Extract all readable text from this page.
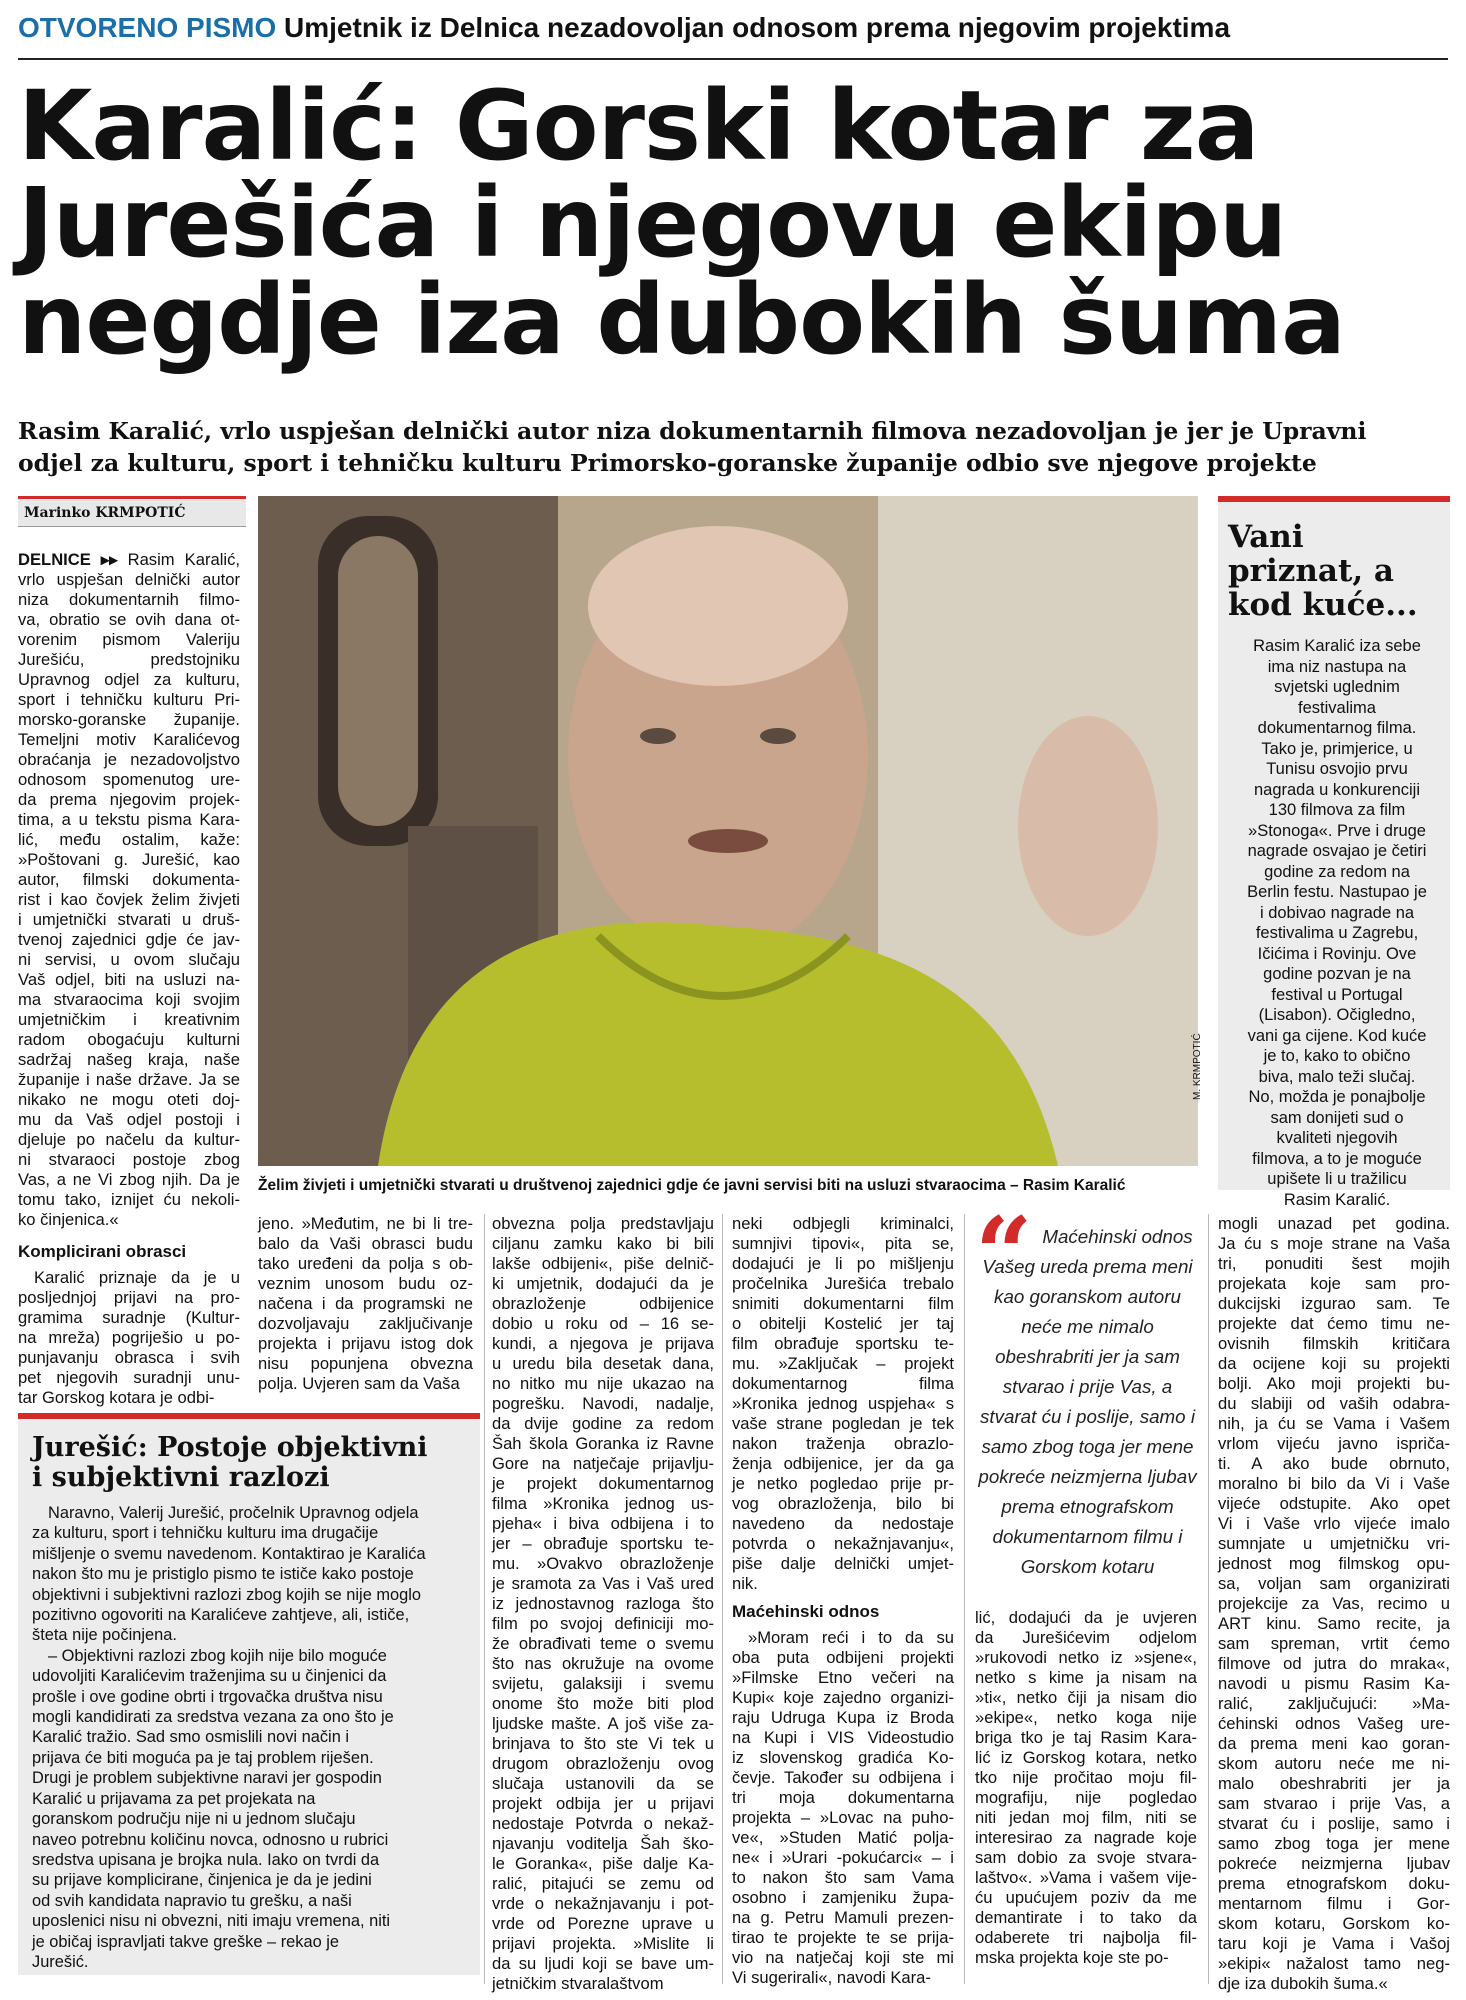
OTVORENO PISMO Umjetnik iz Delnica nezadovoljan odnosom prema njegovim projektima
Karalić: Gorski kotar za
Jurešića i njegovu ekipu
negdje iza dubokih šuma
Rasim Karalić, vrlo uspješan delnički autor niza dokumentarnih filmova nezadovoljan je jer je Upravni
odjel za kulturu, sport i tehničku kulturu Primorsko-goranske županije odbio sve njegove projekte
Marinko KRMPOTIĆ
DELNICE ▸▸ Rasim Karalić,
vrlo uspješan delnički autor
niza dokumentarnih filmo-
va, obratio se ovih dana ot-
vorenim pismom Valeriju
Jurešiću, predstojniku
Upravnog odjel za kulturu,
sport i tehničku kulturu Pri-
morsko-goranske županije.
Temeljni motiv Karalićevog
obraćanja je nezadovoljstvo
odnosom spomenutog ure-
da prema njegovim projek-
tima, a u tekstu pisma Kara-
lić, među ostalim, kaže:
»Poštovani g. Jurešić, kao
autor, filmski dokumenta-
rist i kao čovjek želim živjeti
i umjetnički stvarati u druš-
tvenoj zajednici gdje će jav-
ni servisi, u ovom slučaju
Vaš odjel, biti na usluzi na-
ma stvaraocima koji svojim
umjetničkim i kreativnim
radom obogaćuju kulturni
sadržaj našeg kraja, naše
županije i naše države. Ja se
nikako ne mogu oteti doj-
mu da Vaš odjel postoji i
djeluje po načelu da kultur-
ni stvaraoci postoje zbog
Vas, a ne Vi zbog njih. Da je
tomu tako, iznijet ću nekoli-
ko činjenica.«
Komplicirani obrasci
Karalić priznaje da je u
posljednjoj prijavi na pro-
gramima suradnje (Kultur-
na mreža) pogriješio u po-
punjavanju obrasca i svih
pet njegovih suradnji unu-
tar Gorskog kotara je odbi-
M. KRMPOTIĆ
Želim živjeti i umjetnički stvarati u društvenoj zajednici gdje će javni servisi biti na usluzi stvaraocima – Rasim Karalić
Vani
priznat, a
kod kuće...
Rasim Karalić iza sebe
ima niz nastupa na
svjetski uglednim
festivalima
dokumentarnog filma.
Tako je, primjerice, u
Tunisu osvojio prvu
nagrada u konkurenciji
130 filmova za film
»Stonoga«. Prve i druge
nagrade osvajao je četiri
godine za redom na
Berlin festu. Nastupao je
i dobivao nagrade na
festivalima u Zagrebu,
Ičićima i Rovinju. Ove
godine pozvan je na
festival u Portugal
(Lisabon). Očigledno,
vani ga cijene. Kod kuće
je to, kako to obično
biva, malo teži slučaj.
No, možda je ponajbolje
sam donijeti sud o
kvaliteti njegovih
filmova, a to je moguće
upišete li u tražilicu
Rasim Karalić.
jeno. »Međutim, ne bi li tre-
balo da Vaši obrasci budu
tako uređeni da polja s ob-
veznim unosom budu oz-
načena i da programski ne
dozvoljavaju zaključivanje
projekta i prijavu istog dok
nisu popunjena obvezna
polja. Uvjeren sam da Vaša
Jurešić: Postoje objektivni
i subjektivni razlozi
Naravno, Valerij Jurešić, pročelnik Upravnog odjela
za kulturu, sport i tehničku kulturu ima drugačije
mišljenje o svemu navedenom. Kontaktirao je Karalića
nakon što mu je pristiglo pismo te ističe kako postoje
objektivni i subjektivni razlozi zbog kojih se nije moglo
pozitivno ogovoriti na Karalićeve zahtjeve, ali, ističe,
šteta nije počinjena.
– Objektivni razlozi zbog kojih nije bilo moguće
udovoljiti Karalićevim traženjima su u činjenici da
prošle i ove godine obrti i trgovačka društva nisu
mogli kandidirati za sredstva vezana za ono što je
Karalić tražio. Sad smo osmislili novi način i
prijava će biti moguća pa je taj problem riješen.
Drugi je problem subjektivne naravi jer gospodin
Karalić u prijavama za pet projekata na
goranskom području nije ni u jednom slučaju
naveo potrebnu količinu novca, odnosno u rubrici
sredstva upisana je brojka nula. Iako on tvrdi da
su prijave komplicirane, činjenica je da je jedini
od svih kandidata napravio tu grešku, a naši
uposlenici nisu ni obvezni, niti imaju vremena, niti
je običaj ispravljati takve greške – rekao je
Jurešić.
obvezna polja predstavljaju
ciljanu zamku kako bi bili
lakše odbijeni«, piše delnič-
ki umjetnik, dodajući da je
obrazloženje odbijenice
dobio u roku od – 16 se-
kundi, a njegova je prijava
u uredu bila desetak dana,
no nitko mu nije ukazao na
pogrešku. Navodi, nadalje,
da dvije godine za redom
Šah škola Goranka iz Ravne
Gore na natječaje prijavlju-
je projekt dokumentarnog
filma »Kronika jednog us-
pjeha« i biva odbijena i to
jer – obrađuje sportsku te-
mu. »Ovakvo obrazloženje
je sramota za Vas i Vaš ured
iz jednostavnog razloga što
film po svojoj definiciji mo-
že obrađivati teme o svemu
što nas okružuje na ovome
svijetu, galaksiji i svemu
onome što može biti plod
ljudske mašte. A još više za-
brinjava to što ste Vi tek u
drugom obrazloženju ovog
slučaja ustanovili da se
projekt odbija jer u prijavi
nedostaje Potvrda o nekaž-
njavanju voditelja Šah ško-
le Goranka«, piše dalje Ka-
ralić, pitajući se zemu od
vrde o nekažnjavanju i pot-
vrde od Porezne uprave u
prijavi projekta. »Mislite li
da su ljudi koji se bave um-
jetničkim stvaralaštvom
neki odbjegli kriminalci,
sumnjivi tipovi«, pita se,
dodajući je li po mišljenju
pročelnika Jurešića trebalo
snimiti dokumentarni film
o obitelji Kostelić jer taj
film obrađuje sportsku te-
mu. »Zaključak – projekt
dokumentarnog filma
»Kronika jednog uspjeha« s
vaše strane pogledan je tek
nakon traženja obrazlo-
ženja odbijenice, jer da ga
je netko pogledao prije pr-
vog obrazloženja, bilo bi
navedeno da nedostaje
potvrda o nekažnjavanju«,
piše dalje delnički umjet-
nik.
Maćehinski odnos
»Moram reći i to da su
oba puta odbijeni projekti
»Filmske Etno večeri na
Kupi« koje zajedno organizi-
raju Udruga Kupa iz Broda
na Kupi i VIS Videostudio
iz slovenskog gradića Ko-
čevje. Također su odbijena i
tri moja dokumentarna
projekta – »Lovac na puho-
ve«, »Studen Matić polja-
ne« i »Urari -pokućarci« – i
to nakon što sam Vama
osobno i zamjeniku župa-
na g. Petru Mamuli prezen-
tirao te projekte te se prija-
vio na natječaj koji ste mi
Vi sugerirali«, navodi Kara-
“ Maćehinski odnos Vašeg ureda prema meni kao goranskom autoru neće me nimalo obeshrabriti jer ja sam stvarao i prije Vas, a stvarat ću i poslije, samo i samo zbog toga jer mene pokreće neizmjerna ljubav prema etnografskom dokumentarnom filmu i Gorskom kotaru
lić, dodajući da je uvjeren
da Jurešićevim odjelom
»rukovodi netko iz »sjene«,
netko s kime ja nisam na
»ti«, netko čiji ja nisam dio
»ekipe«, netko koga nije
briga tko je taj Rasim Kara-
lić iz Gorskog kotara, netko
tko nije pročitao moju fil-
mografiju, nije pogledao
niti jedan moj film, niti se
interesirao za nagrade koje
sam dobio za svoje stvara-
laštvo«. »Vama i vašem vije-
ću upućujem poziv da me
demantirate i to tako da
odaberete tri najbolja fil-
mska projekta koje ste po-
mogli unazad pet godina.
Ja ću s moje strane na Vaša
tri, ponuditi šest mojih
projekata koje sam pro-
dukcijski izgurao sam. Te
projekte dat ćemo timu ne-
ovisnih filmskih kritičara
da ocijene koji su projekti
bolji. Ako moji projekti bu-
du slabiji od vaših odabra-
nih, ja ću se Vama i Vašem
vrlom vijeću javno ispriča-
ti. A ako bude obrnuto,
moralno bi bilo da Vi i Vaše
vijeće odstupite. Ako opet
Vi i Vaše vrlo vijeće imalo
sumnjate u umjetničku vri-
jednost mog filmskog opu-
sa, voljan sam organizirati
projekcije za Vas, recimo u
ART kinu. Samo recite, ja
sam spreman, vrtit ćemo
filmove od jutra do mraka«,
navodi u pismu Rasim Ka-
ralić, zaključujući: »Ma-
ćehinski odnos Vašeg ure-
da prema meni kao goran-
skom autoru neće me ni-
malo obeshrabriti jer ja
sam stvarao i prije Vas, a
stvarat ću i poslije, samo i
samo zbog toga jer mene
pokreće neizmjerna ljubav
prema etnografskom doku-
mentarnom filmu i Gor-
skom kotaru, Gorskom ko-
taru koji je Vama i Vašoj
»ekipi« nažalost tamo neg-
dje iza dubokih šuma.«
